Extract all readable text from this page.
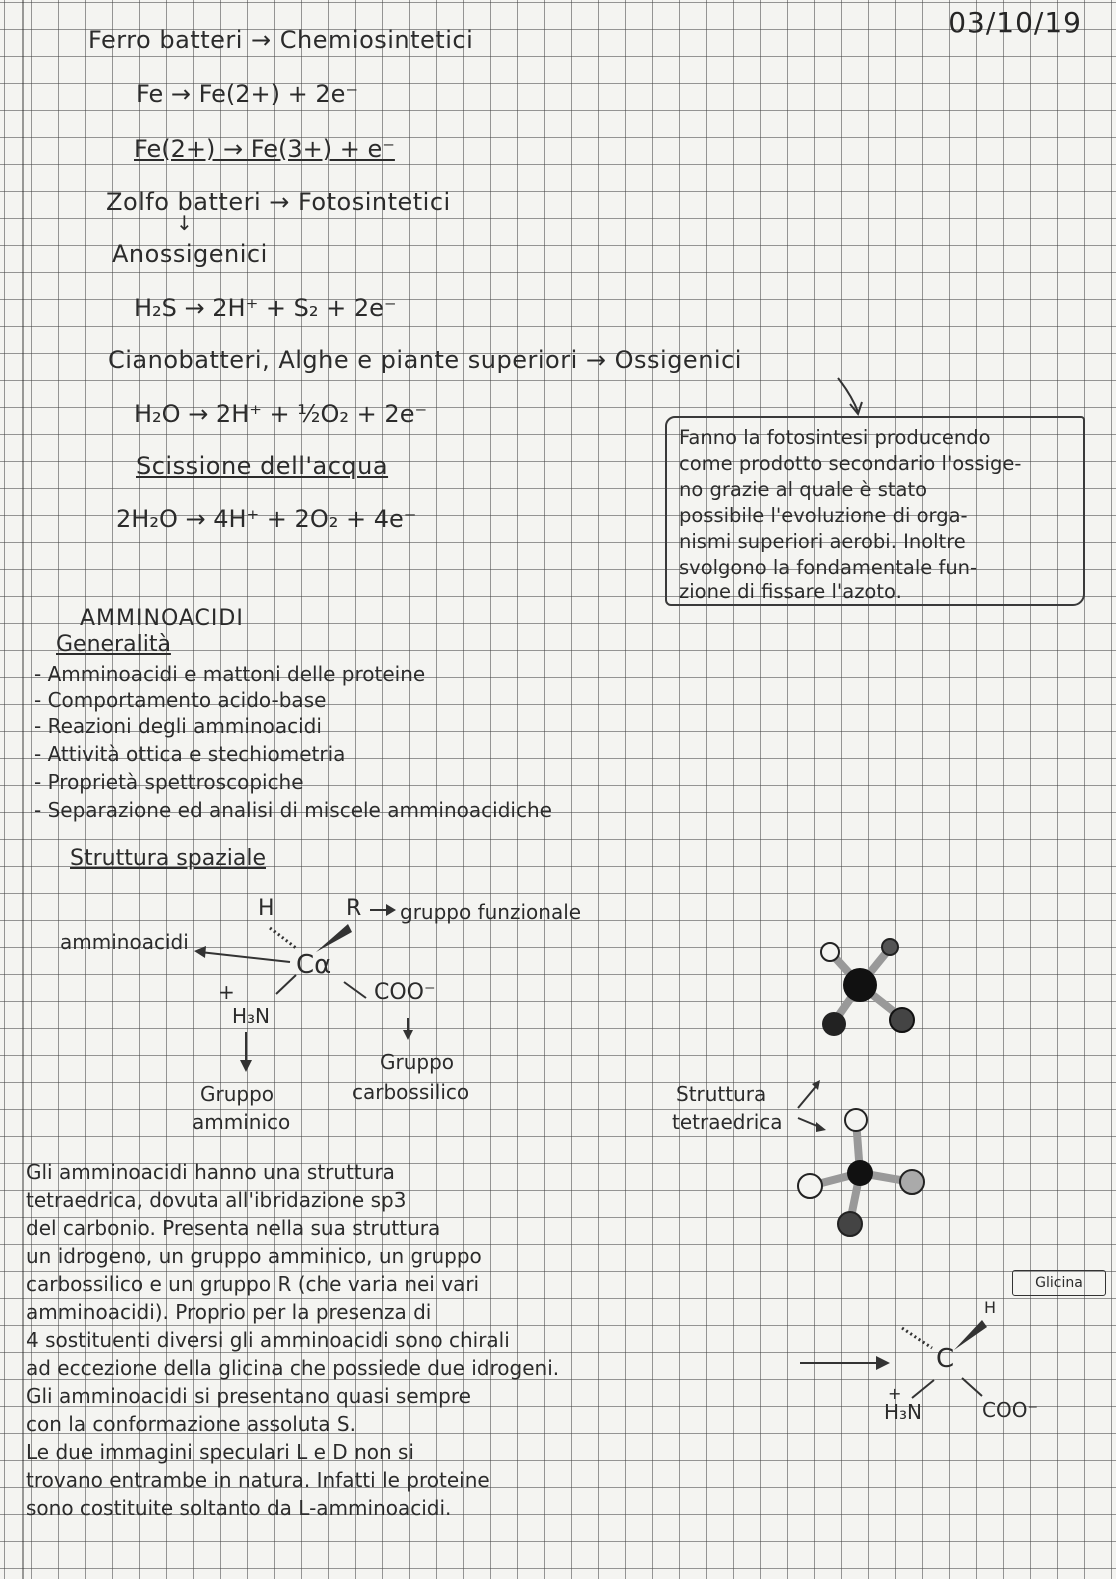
03/10/19
Ferro batteri → Chemiosintetici
Fe → Fe(2+) + 2e⁻
Fe(2+) → Fe(3+) + e⁻
Zolfo batteri → Fotosintetici
↓
Anossigenici
H₂S → 2H⁺ + S₂ + 2e⁻
Cianobatteri, Alghe e piante superiori → Ossigenici
H₂O → 2H⁺ + ½O₂ + 2e⁻
Scissione dell'acqua
2H₂O → 4H⁺ + 2O₂ + 4e⁻
Fanno la fotosintesi producendo
come prodotto secondario l'ossige-
no grazie al quale è stato
possibile l'evoluzione di orga-
nismi superiori aerobi. Inoltre
svolgono la fondamentale fun-
zione di fissare l'azoto.
AMMINOACIDI
Generalità
- Amminoacidi e mattoni delle proteine
- Comportamento acido-base
- Reazioni degli amminoacidi
- Attività ottica e stechiometria
- Proprietà spettroscopiche
- Separazione ed analisi di miscele amminoacidiche
Struttura spaziale
H	R gruppo funzionale
Cα
amminoacidi
COO⁻
+
H₃N
Gruppo
amminico
Gruppo
carbossilico	Struttura
tetraedrica
Gli amminoacidi hanno una struttura
tetraedrica, dovuta all'ibridazione sp3
del carbonio. Presenta nella sua struttura
un idrogeno, un gruppo amminico, un gruppo
carbossilico e un gruppo R (che varia nei vari
amminoacidi). Proprio per la presenza di
4 sostituenti diversi gli amminoacidi sono chirali
ad eccezione della glicina che possiede due idrogeni.
Gli amminoacidi si presentano quasi sempre
con la conformazione assoluta S.
Le due immagini speculari L e D non si
trovano entrambe in natura. Infatti le proteine
sono costituite soltanto da L-amminoacidi.
Glicina
H
C
+
H₃N	COO⁻
